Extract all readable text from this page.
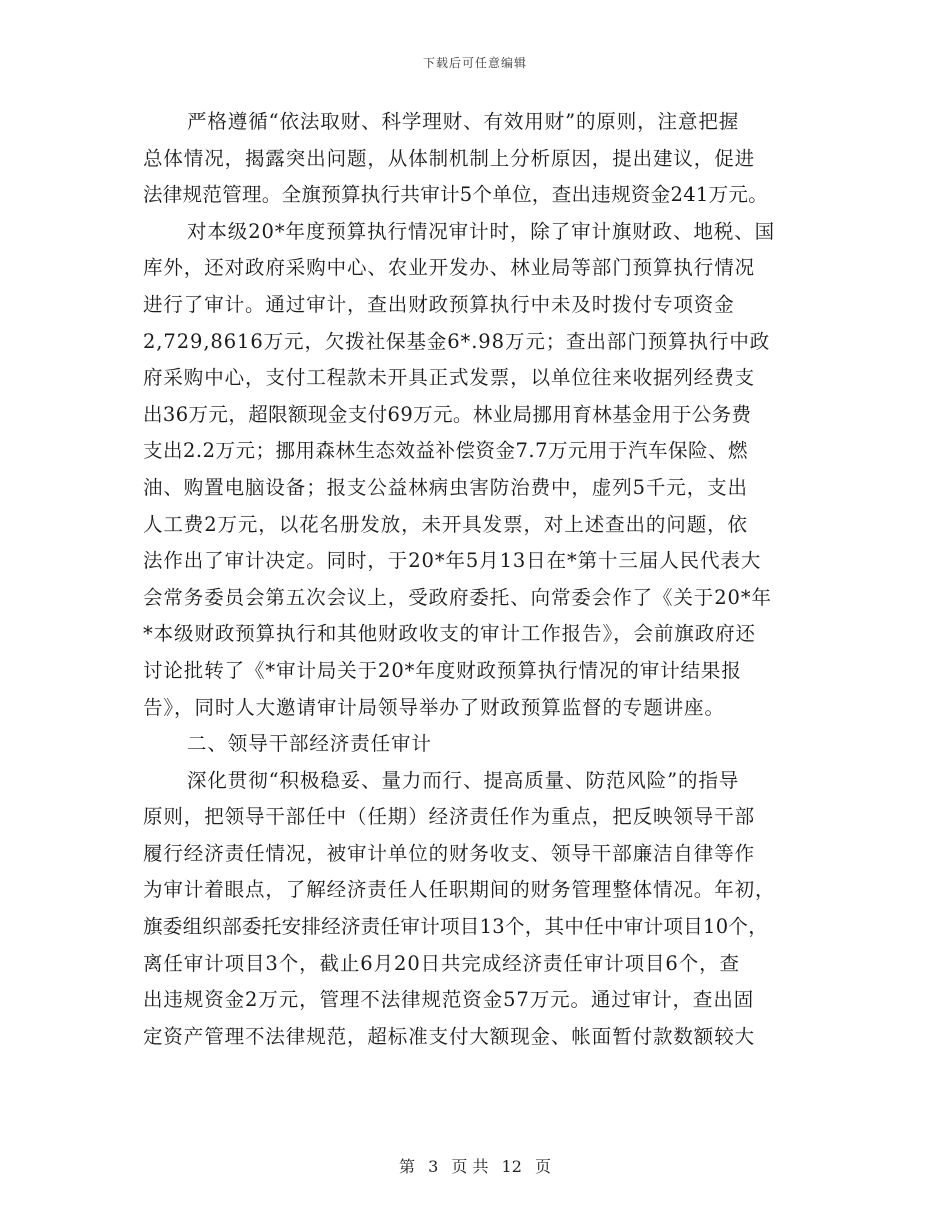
下载后可任意编辑
严格遵循“依法取财、科学理财、有效用财”的原则，注意把握
总体情况，揭露突出问题，从体制机制上分析原因，提出建议，促进
法律规范管理。全旗预算执行共审计5个单位，查出违规资金241万元。
对本级20*年度预算执行情况审计时，除了审计旗财政、地税、国
库外，还对政府采购中心、农业开发办、林业局等部门预算执行情况
进行了审计。通过审计，查出财政预算执行中未及时拨付专项资金
2,729,8616万元，欠拨社保基金6*.98万元；查出部门预算执行中政
府采购中心，支付工程款未开具正式发票，以单位往来收据列经费支
出36万元，超限额现金支付69万元。林业局挪用育林基金用于公务费
支出2.2万元；挪用森林生态效益补偿资金7.7万元用于汽车保险、燃
油、购置电脑设备；报支公益林病虫害防治费中，虚列5千元，支出
人工费2万元，以花名册发放，未开具发票，对上述查出的问题，依
法作出了审计决定。同时，于20*年5月13日在*第十三届人民代表大
会常务委员会第五次会议上，受政府委托、向常委会作了《关于20*年
*本级财政预算执行和其他财政收支的审计工作报告》，会前旗政府还
讨论批转了《*审计局关于20*年度财政预算执行情况的审计结果报
告》，同时人大邀请审计局领导举办了财政预算监督的专题讲座。
二、领导干部经济责任审计
深化贯彻“积极稳妥、量力而行、提高质量、防范风险”的指导
原则，把领导干部任中（任期）经济责任作为重点，把反映领导干部
履行经济责任情况，被审计单位的财务收支、领导干部廉洁自律等作
为审计着眼点，了解经济责任人任职期间的财务管理整体情况。年初，
旗委组织部委托安排经济责任审计项目13个，其中任中审计项目10个，
离任审计项目3个，截止6月20日共完成经济责任审计项目6个，查
出违规资金2万元，管理不法律规范资金57万元。通过审计，查出固
定资产管理不法律规范，超标准支付大额现金、帐面暂付款数额较大
第 3 页 共 12 页
